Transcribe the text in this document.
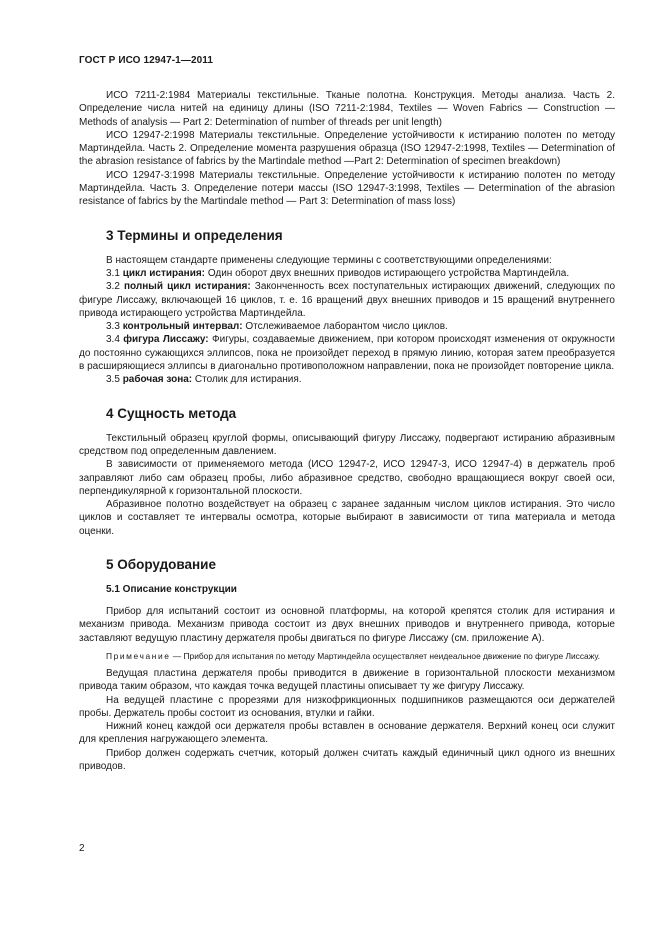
ГОСТ Р ИСО 12947-1—2011

ИСО 7211-2:1984 Материалы текстильные. Тканые полотна. Конструкция. Методы анализа. Часть 2. Определение числа нитей на единицу длины (ISO 7211-2:1984, Textiles — Woven Fabrics — Construction — Methods of analysis — Part 2: Determination of number of threads per unit length)

ИСО 12947-2:1998 Материалы текстильные. Определение устойчивости к истиранию полотен по методу Мартиндейла. Часть 2. Определение момента разрушения образца (ISO 12947-2:1998, Textiles — Determination of the abrasion resistance of fabrics by the Martindale method —Part 2: Determination of specimen breakdown)

ИСО 12947-3:1998 Материалы текстильные. Определение устойчивости к истиранию полотен по методу Мартиндейла. Часть 3. Определение потери массы (ISO 12947-3:1998, Textiles — Determination of the abrasion resistance of fabrics by the Martindale method — Part 3: Determination of mass loss)

3 Термины и определения

В настоящем стандарте применены следующие термины с соответствующими определениями:

3.1 цикл истирания: Один оборот двух внешних приводов истирающего устройства Мартиндейла.

3.2 полный цикл истирания: Законченность всех поступательных истирающих движений, следующих по фигуре Лиссажу, включающей 16 циклов, т. е. 16 вращений двух внешних приводов и 15 вращений внутреннего привода истирающего устройства Мартиндейла.

3.3 контрольный интервал: Отслеживаемое лаборантом число циклов.

3.4 фигура Лиссажу: Фигуры, создаваемые движением, при котором происходят изменения от окружности до постоянно сужающихся эллипсов, пока не произойдет переход в прямую линию, которая затем преобразуется в расширяющиеся эллипсы в диагонально противоположном направлении, пока не произойдет повторение цикла.

3.5 рабочая зона: Столик для истирания.

4 Сущность метода

Текстильный образец круглой формы, описывающий фигуру Лиссажу, подвергают истиранию абразивным средством под определенным давлением.

В зависимости от применяемого метода (ИСО 12947-2, ИСО 12947-3, ИСО 12947-4) в держатель проб заправляют либо сам образец пробы, либо абразивное средство, свободно вращающиеся вокруг своей оси, перпендикулярной к горизонтальной плоскости.

Абразивное полотно воздействует на образец с заранее заданным числом циклов истирания. Это число циклов и составляет те интервалы осмотра, которые выбирают в зависимости от типа материала и метода оценки.

5 Оборудование
5.1 Описание конструкции

Прибор для испытаний состоит из основной платформы, на которой крепятся столик для истирания и механизм привода. Механизм привода состоит из двух внешних приводов и внутреннего привода, которые заставляют ведущую пластину держателя пробы двигаться по фигуре Лиссажу (см. приложение А).

Примечание — Прибор для испытания по методу Мартиндейла осуществляет неидеальное движение по фигуре Лиссажу.

Ведущая пластина держателя пробы приводится в движение в горизонтальной плоскости механизмом привода таким образом, что каждая точка ведущей пластины описывает ту же фигуру Лиссажу.

На ведущей пластине с прорезями для низкофрикционных подшипников размещаются оси держателей пробы. Держатель пробы состоит из основания, втулки и гайки.

Нижний конец каждой оси держателя пробы вставлен в основание держателя. Верхний конец оси служит для крепления нагружающего элемента.

Прибор должен содержать счетчик, который должен считать каждый единичный цикл одного из внешних приводов.

2
